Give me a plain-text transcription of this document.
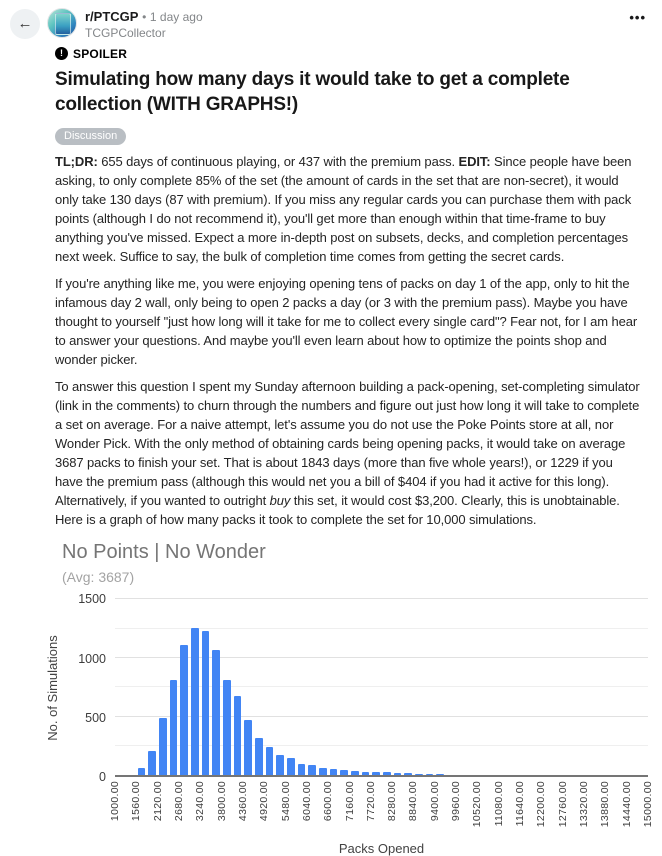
←	r/PTCGP • 1 day ago
TCGPCollector
•••
! SPOILER
Simulating how many days it would take to get a complete collection (WITH GRAPHS!)
Discussion

TL;DR: 655 days of continuous playing, or 437 with the premium pass. EDIT: Since people have been asking, to only complete 85% of the set (the amount of cards in the set that are non-secret), it would only take 130 days (87 with premium). If you miss any regular cards you can purchase them with pack points (although I do not recommend it), you'll get more than enough within that time-frame to buy anything you've missed. Expect a more in-depth post on subsets, decks, and completion percentages next week. Suffice to say, the bulk of completion time comes from getting the secret cards.

If you're anything like me, you were enjoying opening tens of packs on day 1 of the app, only to hit the infamous day 2 wall, only being to open 2 packs a day (or 3 with the premium pass). Maybe you have thought to yourself "just how long will it take for me to collect every single card"? Fear not, for I am hear to answer your questions. And maybe you'll even learn about how to optimize the points shop and wonder picker.

To answer this question I spent my Sunday afternoon building a pack-opening, set-completing simulator (link in the comments) to churn through the numbers and figure out just how long it will take to complete a set on average. For a naive attempt, let's assume you do not use the Poke Points store at all, nor Wonder Pick. With the only method of obtaining cards being opening packs, it would take on average 3687 packs to finish your set. That is about 1843 days (more than five whole years!), or 1229 if you have the premium pass (although this would net you a bill of $404 if you had it active for this long). Alternatively, if you wanted to outright buy this set, it would cost $3,200. Clearly, this is unobtainable. Here is a graph of how many packs it took to complete the set for 10,000 simulations.

No Points | No Wonder
(Avg: 3687)
No. of Simulations
0
500
1000
1500
1000.00 1560.00 2120.00 2680.00 3240.00 3800.00 4360.00 4920.00 5480.00 6040.00 6600.00 7160.00 7720.00 8280.00 8840.00 9400.00 9960.00 10520.00 11080.00 11640.00 12200.00 12760.00 13320.00 13880.00 14440.00 15000.00
Packs Opened
